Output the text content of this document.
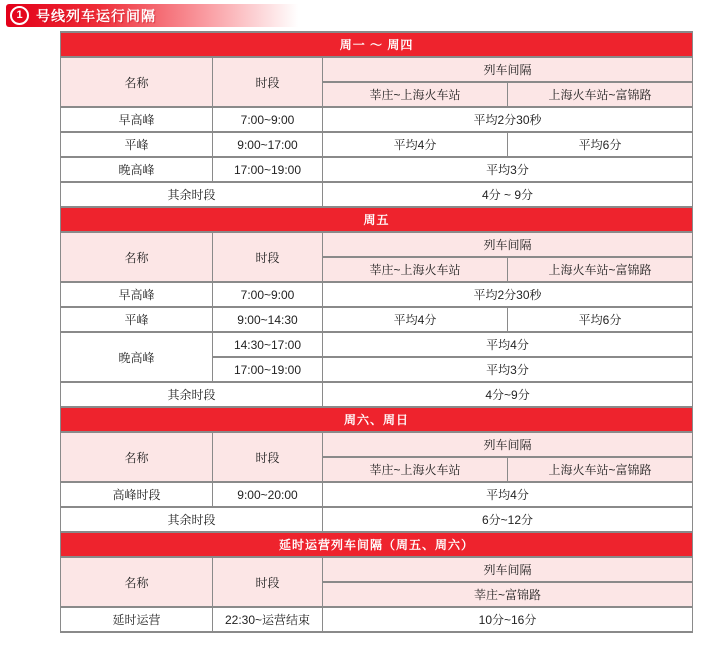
1 号线列车运行间隔
周一 ～ 周四			
名称	时段	列车间隔	
		莘庄~上海火车站	上海火车站~富锦路
早高峰	7:00~9:00	平均2分30秒	
平峰	9:00~17:00	平均4分	平均6分
晚高峰	17:00~19:00	平均3分	
其余时段		4分 ~ 9分	
周五			
名称	时段	列车间隔	
		莘庄~上海火车站	上海火车站~富锦路
早高峰	7:00~9:00	平均2分30秒	
平峰	9:00~14:30	平均4分	平均6分
晚高峰	14:30~17:00	平均4分	
	17:00~19:00	平均3分	
其余时段		4分~9分	
周六、周日			
名称	时段	列车间隔	
		莘庄~上海火车站	上海火车站~富锦路
高峰时段	9:00~20:00	平均4分	
其余时段		6分~12分	
延时运营列车间隔（周五、周六）			
名称	时段	列车间隔	
		莘庄~富锦路	
延时运营	22:30~运营结束	10分~16分	
